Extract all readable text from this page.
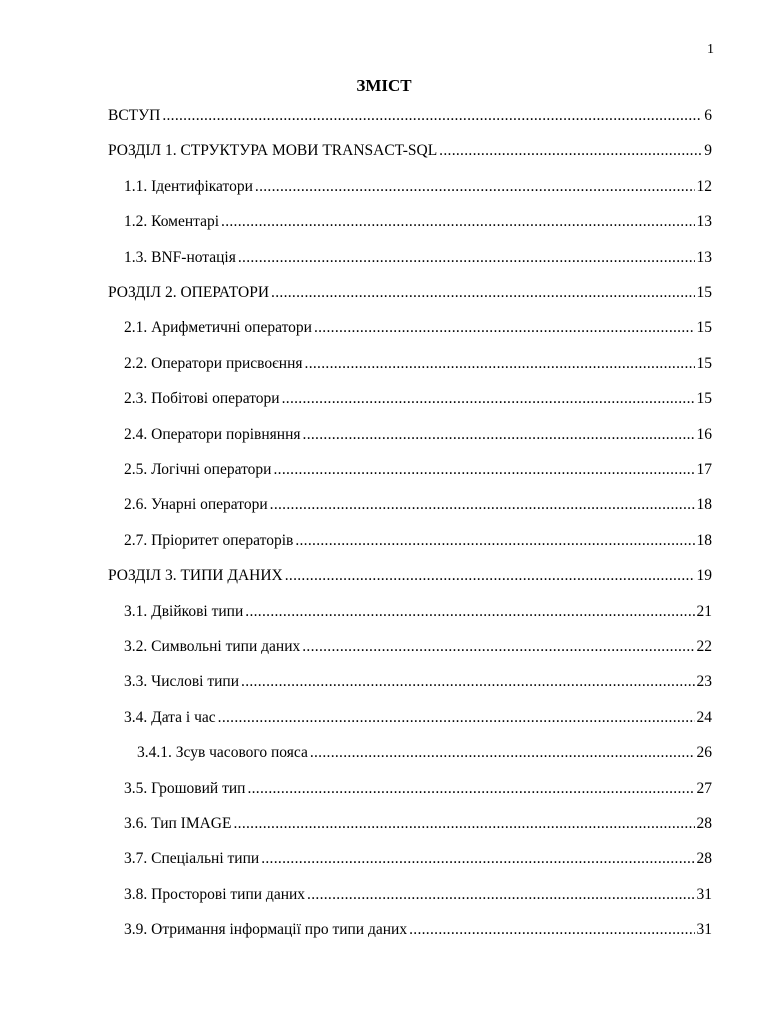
1
ЗМІСТ
ВСТУП .....	6
РОЗДІЛ 1. СТРУКТУРА МОВИ TRANSACT-SQL .....	9
1.1. Ідентифікатори .....	12
1.2. Коментарі .....	13
1.3. BNF-нотація .....	13
РОЗДІЛ 2. ОПЕРАТОРИ .....	15
2.1. Арифметичні оператори .....	15
2.2. Оператори присвоєння .....	15
2.3. Побітові оператори .....	15
2.4. Оператори порівняння .....	16
2.5. Логічні оператори .....	17
2.6. Унарні оператори .....	18
2.7. Пріоритет операторів .....	18
РОЗДІЛ 3. ТИПИ ДАНИХ .....	19
3.1. Двійкові типи .....	21
3.2. Символьні типи даних .....	22
3.3. Числові типи .....	23
3.4. Дата і час .....	24
3.4.1. Зсув часового пояса .....	26
3.5. Грошовий тип .....	27
3.6. Тип IMAGE .....	28
3.7. Спеціальні типи .....	28
3.8. Просторові типи даних .....	31
3.9. Отримання інформації про типи даних .....	31
